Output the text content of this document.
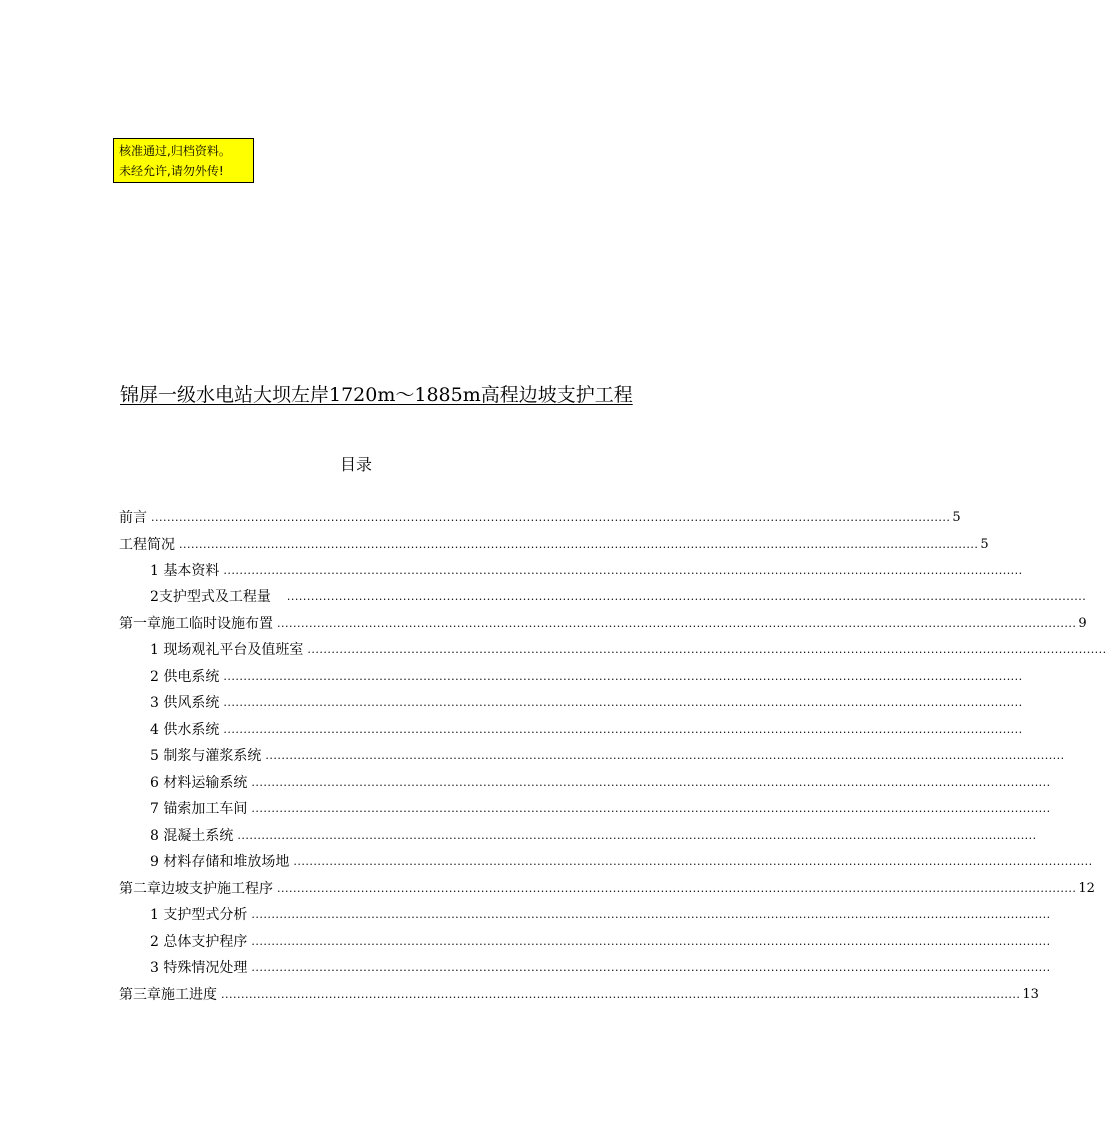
核准通过,归档资料。
未经允许,请勿外传!
锦屏一级水电站大坝左岸1720m～1885m高程边坡支护工程
目录
前言 ........................................................................................................................................................................................................ 5
工程简况 ........................................................................................................................................................................................................ 5
1 基本资料 ........................................................................................................................................................................................................
2支护型式及工程量	........................................................................................................................................................................................................
第一章施工临时设施布置 ........................................................................................................................................................................................................ 9
1 现场观礼平台及值班室 ........................................................................................................................................................................................................
2 供电系统 ........................................................................................................................................................................................................
3 供风系统 ........................................................................................................................................................................................................
4 供水系统 ........................................................................................................................................................................................................
5 制浆与灌浆系统 ........................................................................................................................................................................................................
6 材料运输系统 ........................................................................................................................................................................................................
7 锚索加工车间 ........................................................................................................................................................................................................
8 混凝土系统 ........................................................................................................................................................................................................
9 材料存储和堆放场地 ........................................................................................................................................................................................................
第二章边坡支护施工程序 ........................................................................................................................................................................................................ 12
1 支护型式分析 ........................................................................................................................................................................................................
2 总体支护程序 ........................................................................................................................................................................................................
3 特殊情况处理 ........................................................................................................................................................................................................
第三章施工进度 ........................................................................................................................................................................................................ 13
